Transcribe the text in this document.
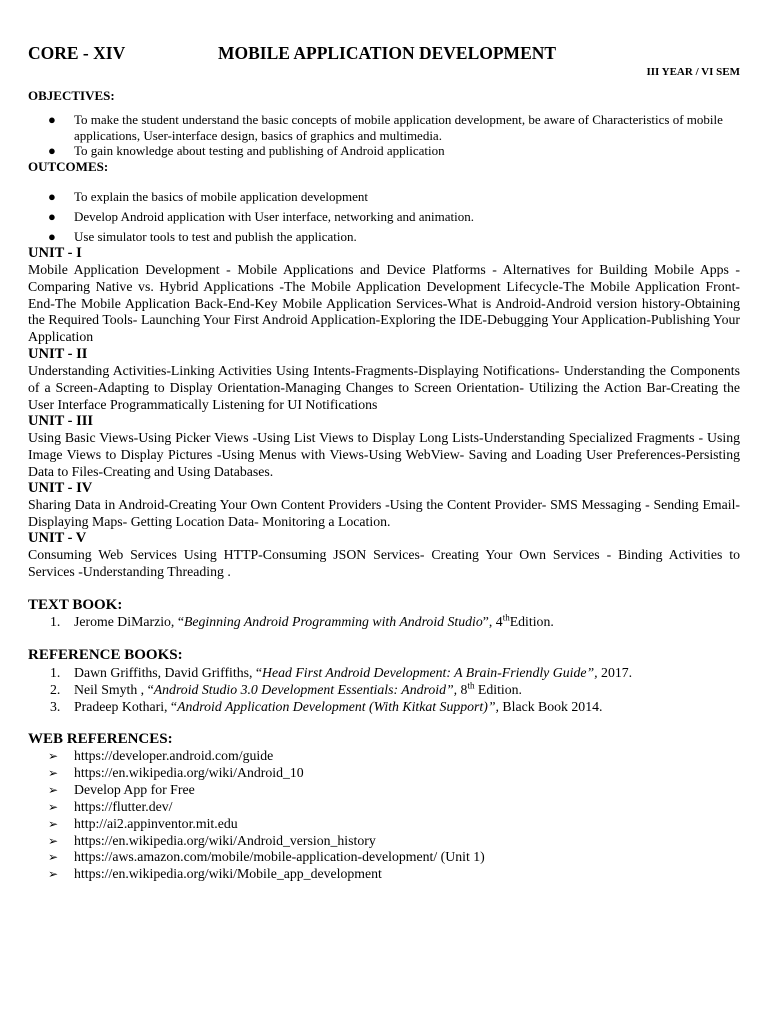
CORE - XIV	MOBILE APPLICATION DEVELOPMENT
III YEAR / VI SEM
OBJECTIVES:
● To make the student understand the basic concepts of mobile application development, be aware of Characteristics of mobile applications, User-interface design, basics of graphics and multimedia.
● To gain knowledge about testing and publishing of Android application
OUTCOMES:
● To explain the basics of mobile application development
● Develop Android application with User interface, networking and animation.
● Use simulator tools to test and publish the application.
UNIT - I
Mobile Application Development - Mobile Applications and Device Platforms - Alternatives for Building Mobile Apps -Comparing Native vs. Hybrid Applications -The Mobile Application Development Lifecycle-The Mobile Application Front-End-The Mobile Application Back-End-Key Mobile Application Services-What is Android-Android version history-Obtaining the Required Tools- Launching Your First Android Application-Exploring the IDE-Debugging Your Application-Publishing Your Application
UNIT - II
Understanding Activities-Linking Activities Using Intents-Fragments-Displaying Notifications- Understanding the Components of a Screen-Adapting to Display Orientation-Managing Changes to Screen Orientation- Utilizing the Action Bar-Creating the User Interface Programmatically Listening for UI Notifications
UNIT - III
Using Basic Views-Using Picker Views -Using List Views to Display Long Lists-Understanding Specialized Fragments - Using Image Views to Display Pictures -Using Menus with Views-Using WebView- Saving and Loading User Preferences-Persisting Data to Files-Creating and Using Databases.
UNIT - IV
Sharing Data in Android-Creating Your Own Content Providers -Using the Content Provider- SMS Messaging - Sending Email-Displaying Maps- Getting Location Data- Monitoring a Location.
UNIT - V
Consuming Web Services Using HTTP-Consuming JSON Services- Creating Your Own Services - Binding Activities to Services -Understanding Threading .
TEXT BOOK:
1. Jerome DiMarzio, “Beginning Android Programming with Android Studio”, 4thEdition.
REFERENCE BOOKS:
1. Dawn Griffiths, David Griffiths, “Head First Android Development: A Brain-Friendly Guide”, 2017.
2. Neil Smyth , “Android Studio 3.0 Development Essentials: Android”, 8th Edition.
3. Pradeep Kothari, “Android Application Development (With Kitkat Support)”, Black Book 2014.
WEB REFERENCES:
➢ https://developer.android.com/guide
➢ https://en.wikipedia.org/wiki/Android_10
➢ Develop App for Free
➢ https://flutter.dev/
➢ http://ai2.appinventor.mit.edu
➢ https://en.wikipedia.org/wiki/Android_version_history
➢ https://aws.amazon.com/mobile/mobile-application-development/ (Unit 1)
➢ https://en.wikipedia.org/wiki/Mobile_app_development
